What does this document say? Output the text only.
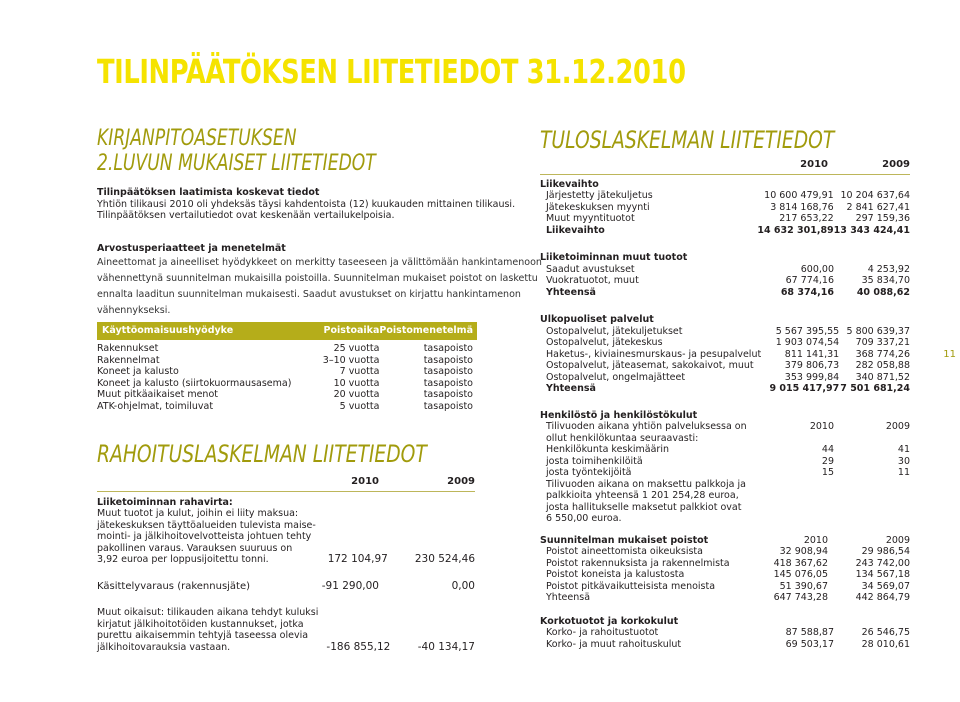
TILINPÄÄTÖKSEN LIITETIEDOT 31.12.2010
KIRJANPITOASETUKSEN
2.LUVUN MUKAISET LIITETIEDOT
Tilinpäätöksen laatimista koskevat tiedot
Yhtiön tilikausi 2010 oli yhdeksäs täysi kahdentoista (12) kuukauden mittainen tilikausi.
Tilinpäätöksen vertailutiedot ovat keskenään vertailukelpoisia.
Arvostusperiaatteet ja menetelmät
Aineettomat ja aineelliset hyödykkeet on merkitty taseeseen ja välittömään hankintamenoon
vähennettynä suunnitelman mukaisilla poistoilla. Suunnitelman mukaiset poistot on laskettu
ennalta laaditun suunnitelman mukaisesti. Saadut avustukset on kirjattu hankintamenon
vähennykseksi.
Käyttöomaisuushyödyke	Poistoaika	Poistomenetelmä

Rakennukset	25 vuotta	tasapoisto
Rakennelmat	3–10 vuotta	tasapoisto
Koneet ja kalusto	7 vuotta	tasapoisto
Koneet ja kalusto (siirtokuormausasema)	10 vuotta	tasapoisto
Muut pitkäaikaiset menot	20 vuotta	tasapoisto
ATK-ohjelmat, toimiluvat	5 vuotta	tasapoisto
RAHOITUSLASKELMAN LIITETIEDOT
	2010	2009
Liiketoiminnan rahavirta:
Muut tuotot ja kulut, joihin ei liity maksua:
jätekeskuksen täyttöalueiden tulevista maise-
mointi- ja jälkihoitovelvotteista johtuen tehty
pakollinen varaus. Varauksen suuruus on
3,92 euroa per loppusijoitettu tonni.	172 104,97	230 524,46
Käsittelyvaraus (rakennusjäte)	-91 290,00	0,00
Muut oikaisut: tilikauden aikana tehdyt kuluksi
kirjatut jälkihoitotöiden kustannukset, jotka
purettu aikaisemmin tehtyjä taseessa olevia
jälkihoitovarauksia vastaan.	-186 855,12	-40 134,17
TULOSLASKELMAN LIITETIEDOT
	2010	2009
Liikevaihto		
Järjestetty jätekuljetus	10 600 479,91	10 204 637,64
Jätekeskuksen myynti	3 814 168,76	2 841 627,41
Muut myyntituotot	217 653,22	297 159,36
Liikevaihto	14 632 301,89	13 343 424,41
Liiketoiminnan muut tuotot		
Saadut avustukset	600,00	4 253,92
Vuokratuotot, muut	67 774,16	35 834,70
Yhteensä	68 374,16	40 088,62
Ulkopuoliset palvelut		
Ostopalvelut, jätekuljetukset	5 567 395,55	5 800 639,37
Ostopalvelut, jätekeskus	1 903 074,54	709 337,21
Haketus-, kiviainesmurskaus- ja pesupalvelut	811 141,31	368 774,26
Ostopalvelut, jäteasemat, sakokaivot, muut	379 806,73	282 058,88
Ostopalvelut, ongelmajätteet	353 999,84	340 871,52
Yhteensä	9 015 417,97	7 501 681,24
Henkilöstö ja henkilöstökulut		
Tilivuoden aikana yhtiön palveluksessa on	2010	2009
ollut henkilökuntaa seuraavasti:		
Henkilökunta keskimäärin	44	41
josta toimihenkilöitä	29	30
josta työntekijöitä	15	11
Tilivuoden aikana on maksettu palkkoja ja		
palkkioita yhteensä 1 201 254,28 euroa,		
josta hallitukselle maksetut palkkiot ovat		
6 550,00 euroa.		
Suunnitelman mukaiset poistot	2010	2009
Poistot aineettomista oikeuksista	32 908,94	29 986,54
Poistot rakennuksista ja rakennelmista	418 367,62	243 742,00
Poistot koneista ja kalustosta	145 076,05	134 567,18
Poistot pitkävaikutteisista menoista	51 390,67	34 569,07
Yhteensä	647 743,28	442 864,79
Korkotuotot ja korkokulut		
Korko- ja rahoitustuotot	87 588,87	26 546,75
Korko- ja muut rahoituskulut	69 503,17	28 010,61
11
